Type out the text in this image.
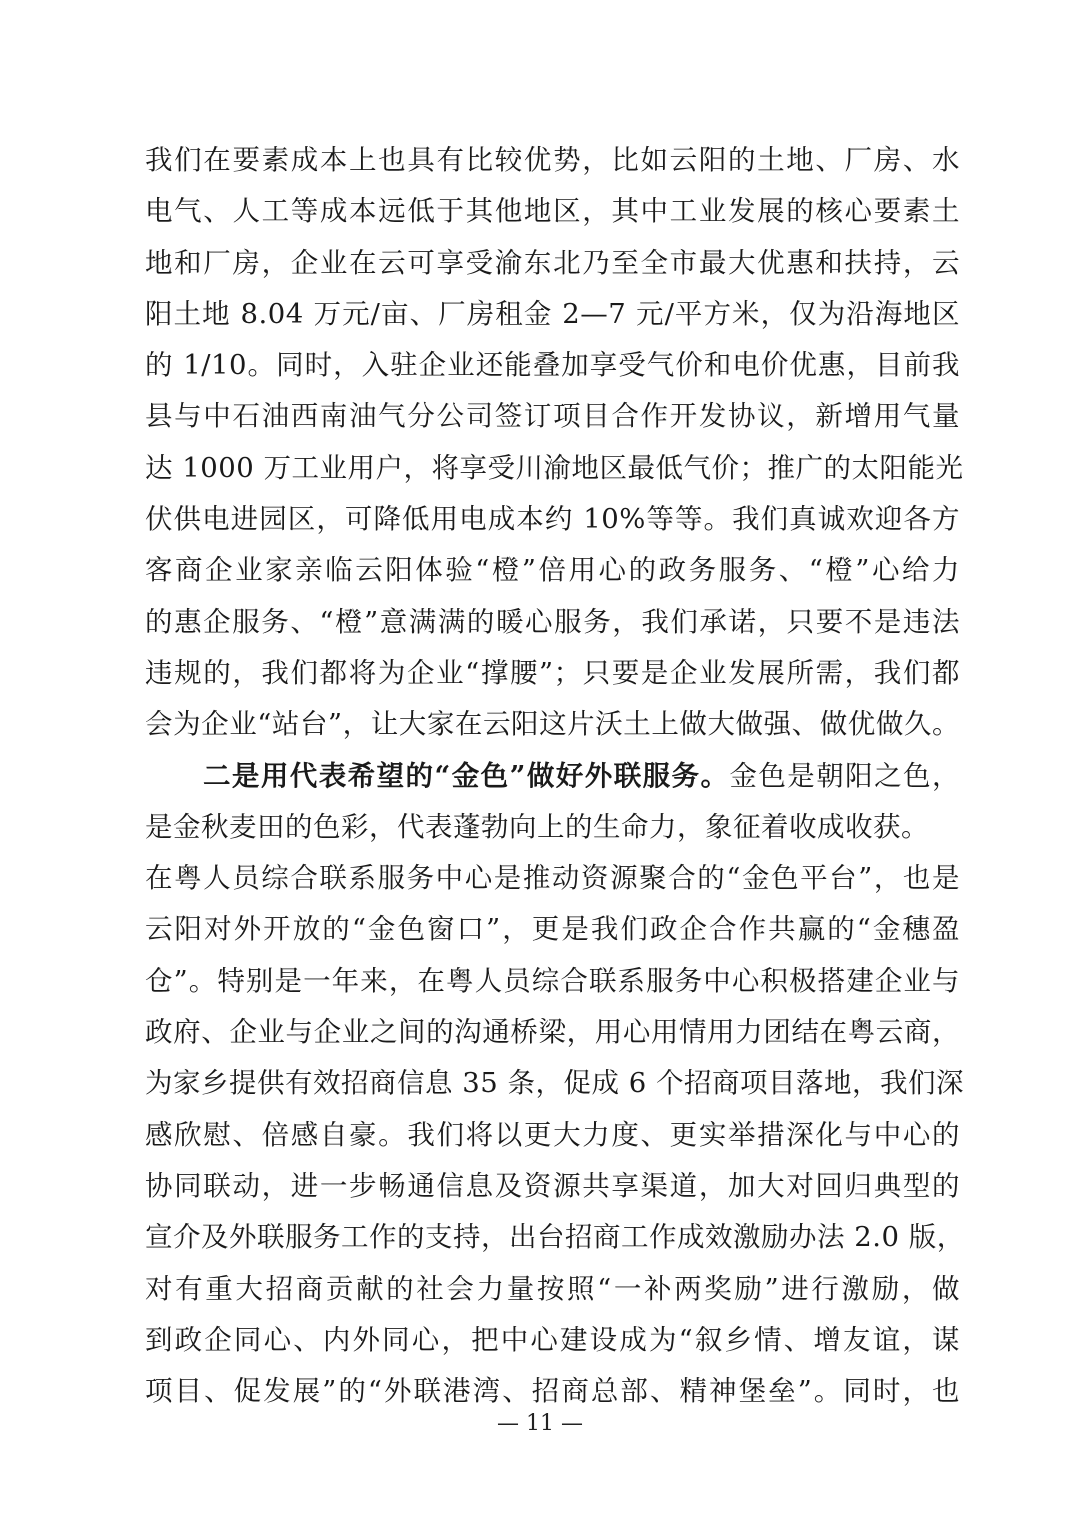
我们在要素成本上也具有比较优势，比如云阳的土地、厂房、水
电气、人工等成本远低于其他地区，其中工业发展的核心要素土
地和厂房，企业在云可享受渝东北乃至全市最大优惠和扶持，云
阳土地 8.04 万元/亩、厂房租金 2—7 元/平方米，仅为沿海地区
的 1/10。同时，入驻企业还能叠加享受气价和电价优惠，目前我
县与中石油西南油气分公司签订项目合作开发协议，新增用气量
达 1000 万工业用户，将享受川渝地区最低气价；推广的太阳能光
伏供电进园区，可降低用电成本约 10%等等。我们真诚欢迎各方
客商企业家亲临云阳体验“橙”倍用心的政务服务、“橙”心给力
的惠企服务、“橙”意满满的暖心服务，我们承诺，只要不是违法
违规的，我们都将为企业“撑腰”；只要是企业发展所需，我们都
会为企业“站台”，让大家在云阳这片沃土上做大做强、做优做久。
二是用代表希望的“金色”做好外联服务。金色是朝阳之色，
是金秋麦田的色彩，代表蓬勃向上的生命力，象征着收成收获。
在粤人员综合联系服务中心是推动资源聚合的“金色平台”，也是
云阳对外开放的“金色窗口”，更是我们政企合作共赢的“金穗盈
仓”。特别是一年来，在粤人员综合联系服务中心积极搭建企业与
政府、企业与企业之间的沟通桥梁，用心用情用力团结在粤云商，
为家乡提供有效招商信息 35 条，促成 6 个招商项目落地，我们深
感欣慰、倍感自豪。我们将以更大力度、更实举措深化与中心的
协同联动，进一步畅通信息及资源共享渠道，加大对回归典型的
宣介及外联服务工作的支持，出台招商工作成效激励办法 2.0 版，
对有重大招商贡献的社会力量按照“一补两奖励”进行激励，做
到政企同心、内外同心，把中心建设成为“叙乡情、增友谊，谋
项目、促发展”的“外联港湾、招商总部、精神堡垒”。同时，也
— 11 —
